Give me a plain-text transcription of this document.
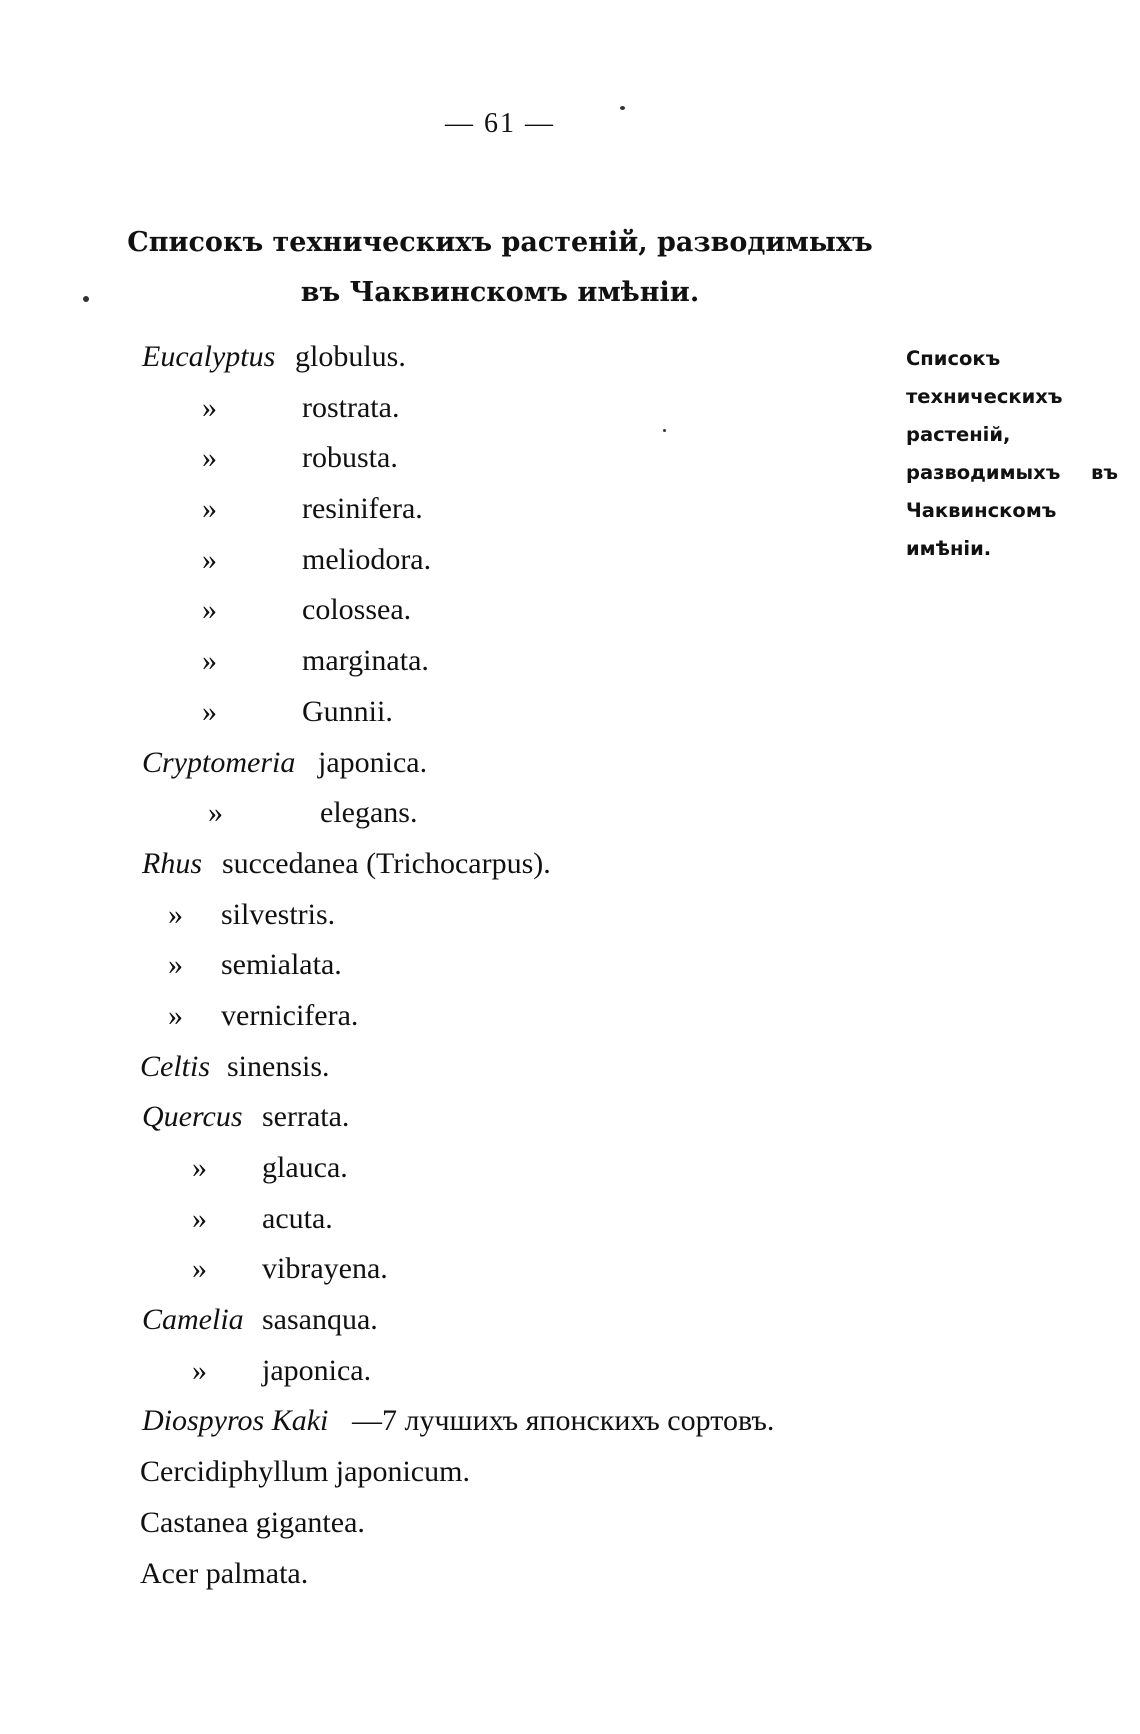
— 61 —
Списокъ техническихъ растеній, разводимыхъ
въ Чаквинскомъ имѣніи.
Списокъ техническихъ растеній, разводимыхъ въ Чаквинскомъ имѣніи.
Eucalyptus globulus.
»	rostrata.
»	robusta.
»	resinifera.
»	meliodora.
»	colossea.
»	marginata.
»	Gunnii.
Cryptomeria japonica.
»	elegans.
Rhus succedanea (Trichocarpus).
» silvestris.
» semialata.
» vernicifera.
Celtis sinensis.
Quercus serrata.
» glauca.
» acuta.
» vibrayena.
Camelia sasanqua.
» japonica.
Diospyros Kaki —7 лучшихъ японскихъ сортовъ.
Cercidiphyllum japonicum.
Castanea gigantea.
Acer palmata.
